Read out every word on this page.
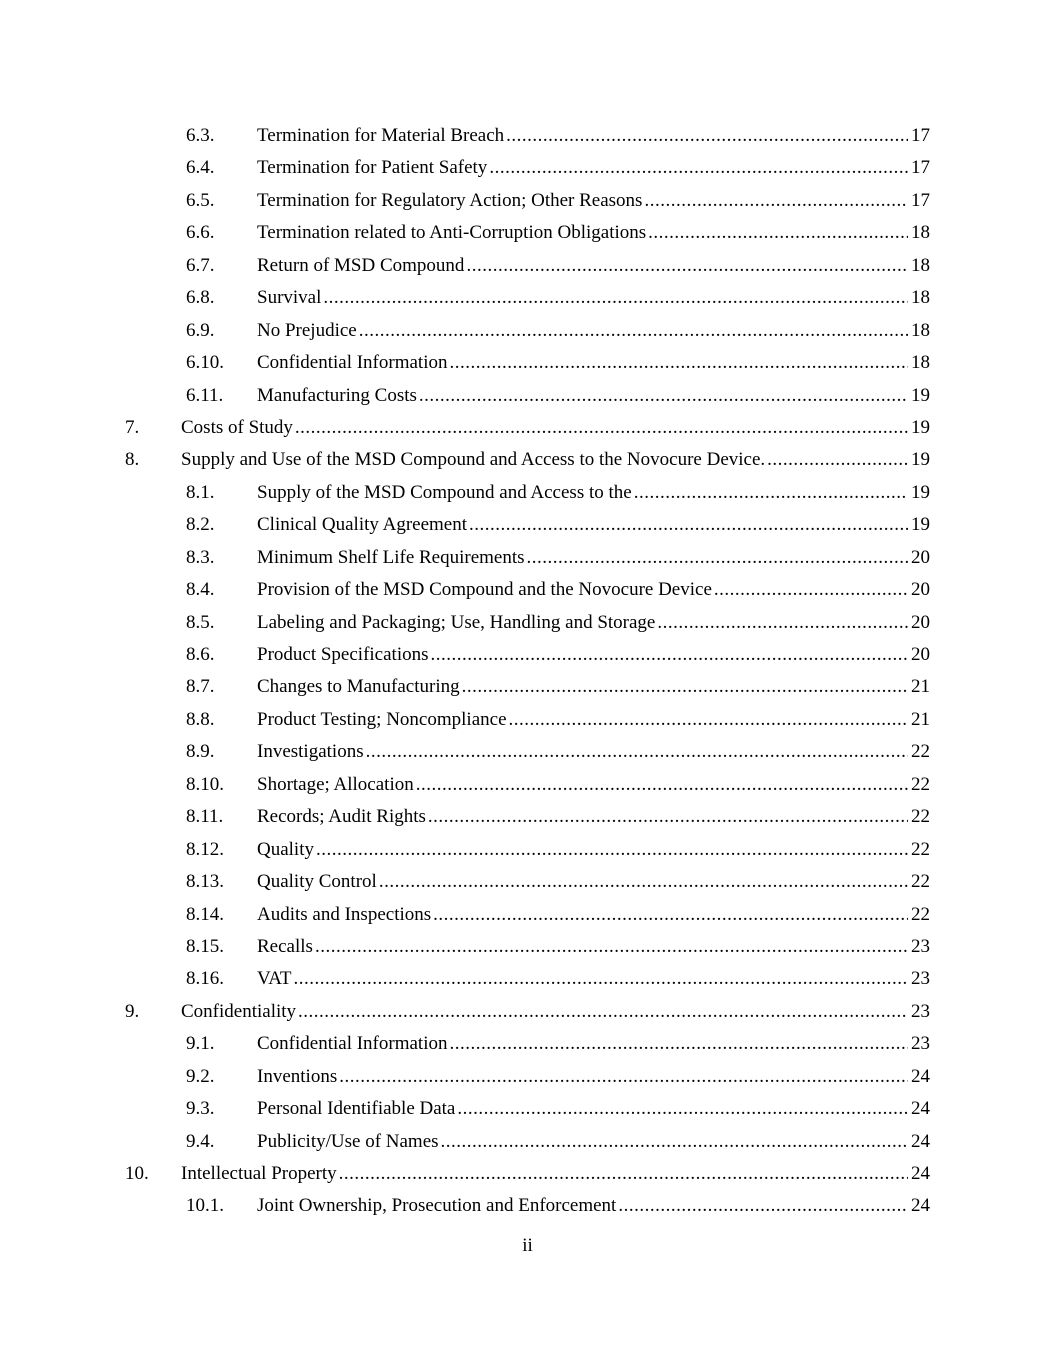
6.3. Termination for Material Breach .....	17
6.4. Termination for Patient Safety .....	17
6.5. Termination for Regulatory Action; Other Reasons .....	17
6.6. Termination related to Anti-Corruption Obligations .....	18
6.7. Return of MSD Compound .....	18
6.8. Survival .....	18
6.9. No Prejudice .....	18
6.10. Confidential Information .....	18
6.11. Manufacturing Costs .....	19
7. Costs of Study .....	19
8. Supply and Use of the MSD Compound and Access to the Novocure Device. .....	19
8.1. Supply of the MSD Compound and Access to the .....	19
8.2. Clinical Quality Agreement .....	19
8.3. Minimum Shelf Life Requirements .....	20
8.4. Provision of the MSD Compound and the Novocure Device .....	20
8.5. Labeling and Packaging; Use, Handling and Storage .....	20
8.6. Product Specifications .....	20
8.7. Changes to Manufacturing .....	21
8.8. Product Testing; Noncompliance .....	21
8.9. Investigations .....	22
8.10. Shortage; Allocation .....	22
8.11. Records; Audit Rights .....	22
8.12. Quality .....	22
8.13. Quality Control .....	22
8.14. Audits and Inspections .....	22
8.15. Recalls .....	23
8.16. VAT .....	23
9. Confidentiality .....	23
9.1. Confidential Information .....	23
9.2. Inventions .....	24
9.3. Personal Identifiable Data .....	24
9.4. Publicity/Use of Names .....	24
10. Intellectual Property .....	24
10.1. Joint Ownership, Prosecution and Enforcement .....	24
ii
